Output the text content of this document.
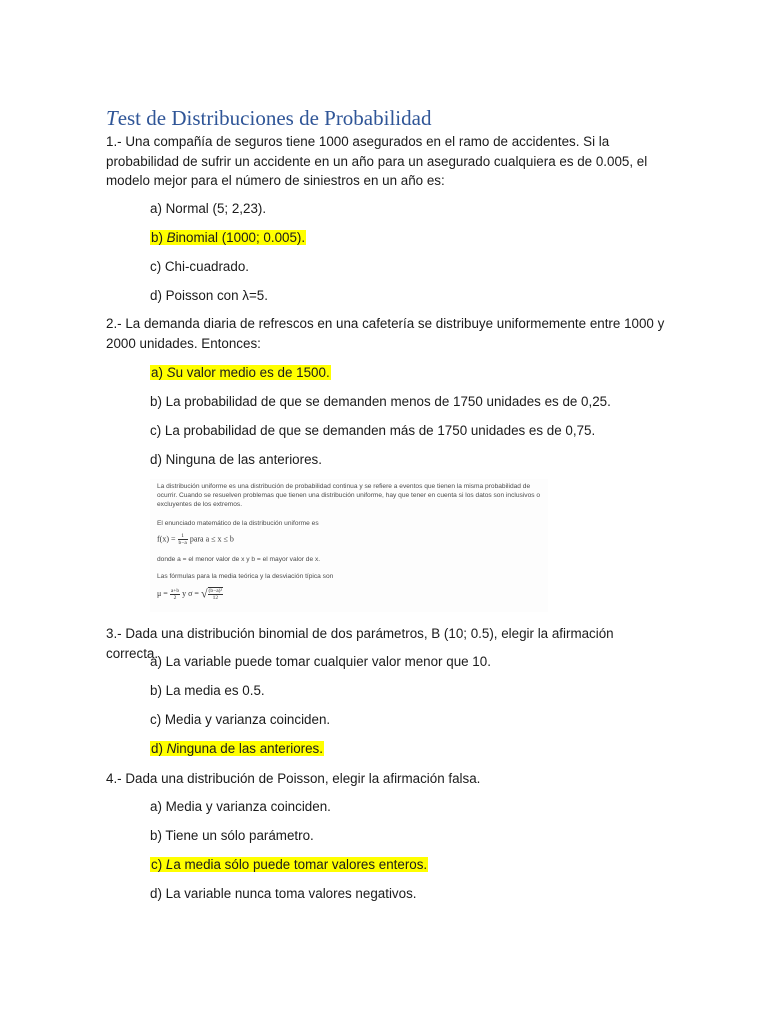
Test de Distribuciones de Probabilidad
1.- Una compañía de seguros tiene 1000 asegurados en el ramo de accidentes. Si la probabilidad de sufrir un accidente en un año para un asegurado cualquiera es de 0.005, el modelo mejor para el número de siniestros en un año es:
a) Normal (5; 2,23).
b) Binomial (1000; 0.005).
c) Chi-cuadrado.
d) Poisson con λ=5.
2.- La demanda diaria de refrescos en una cafetería se distribuye uniformemente entre 1000 y 2000 unidades. Entonces:
a) Su valor medio es de 1500.
b) La probabilidad de que se demanden menos de 1750 unidades es de 0,25.
c) La probabilidad de que se demanden más de 1750 unidades es de 0,75.
d) Ninguna de las anteriores.
La distribución uniforme es una distribución de probabilidad continua y se refiere a eventos que tienen la misma probabilidad de ocurrir. Cuando se resuelven problemas que tienen una distribución uniforme, hay que tener en cuenta si los datos son inclusivos o excluyentes de los extremos.
El enunciado matemático de la distribución uniforme es
$f(x) = \frac{1}{b-a}$ para a ≤ x ≤ b
donde a = el menor valor de x y b = el mayor valor de x.
Las fórmulas para la media teórica y la desviación típica son
$\mu = \frac{a+b}{2}$ y σ = √ $\frac{\text{(b−a)²}}{12}$
3.- Dada una distribución binomial de dos parámetros, B (10; 0.5), elegir la afirmación correcta.
a) La variable puede tomar cualquier valor menor que 10.
b) La media es 0.5.
c) Media y varianza coinciden.
d) Ninguna de las anteriores.
4.- Dada una distribución de Poisson, elegir la afirmación falsa.
a) Media y varianza coinciden.
b) Tiene un sólo parámetro.
c) La media sólo puede tomar valores enteros.
d) La variable nunca toma valores negativos.
